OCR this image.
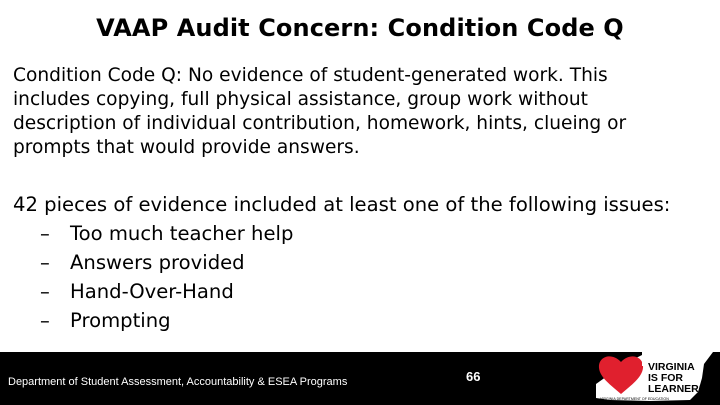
VAAP Audit Concern: Condition Code Q
Condition Code Q: No evidence of student-generated work. This
includes copying, full physical assistance, group work without
description of individual contribution, homework, hints, clueing or
prompts that would provide answers.
42 pieces of evidence included at least one of the following issues:
– Too much teacher help
– Answers provided
– Hand-Over-Hand
– Prompting
Department of Student Assessment, Accountability & ESEA Programs	66
VIRGINIA
IS FOR
LEARNERS
VIRGINIA DEPARTMENT OF EDUCATION
